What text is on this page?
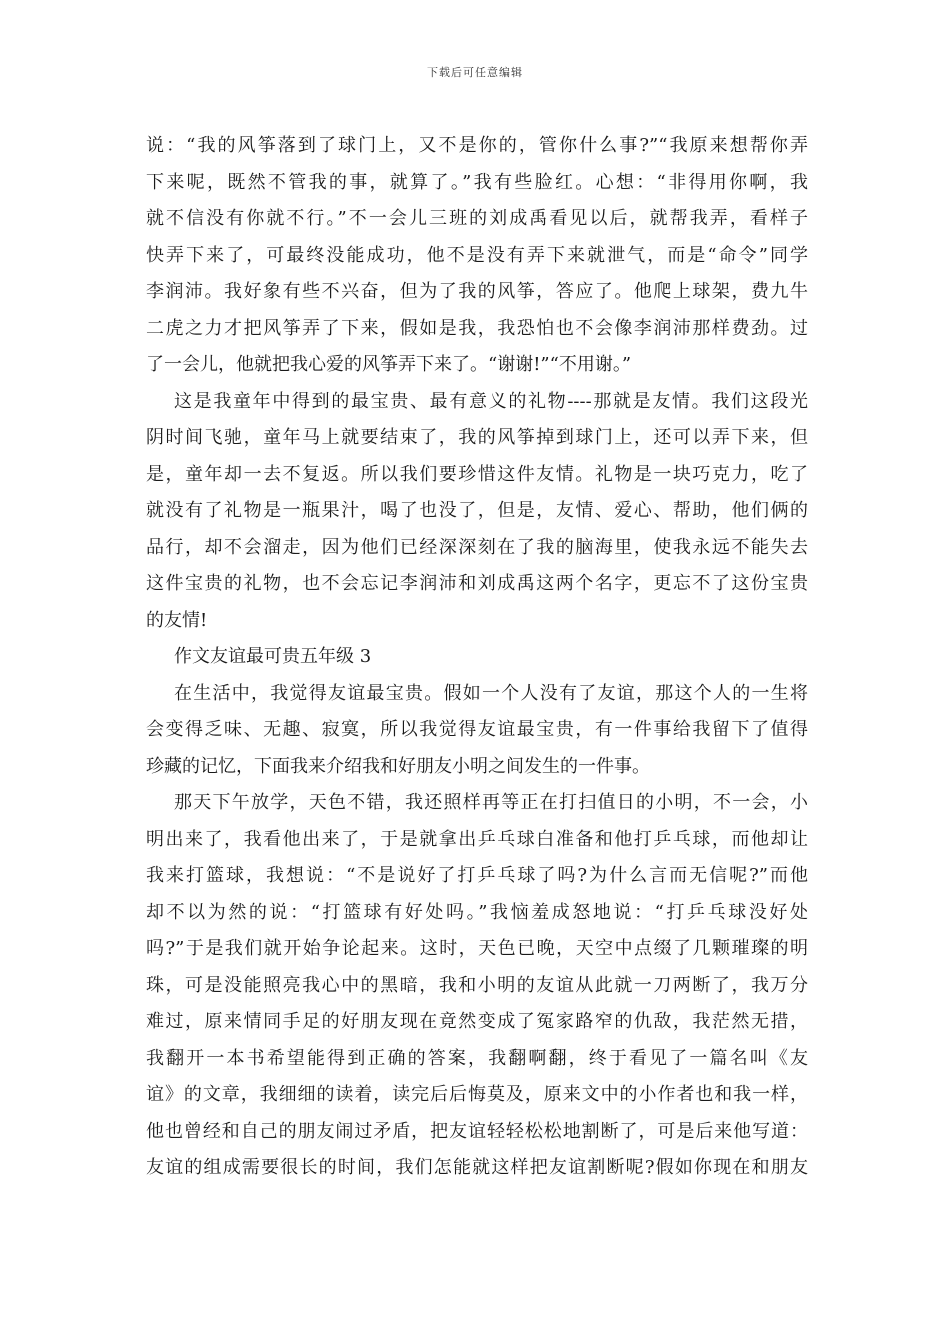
下载后可任意编辑
说：“我的风筝落到了球门上，又不是你的，管你什么事?”“我原来想帮你弄
下来呢，既然不管我的事，就算了。”我有些脸红。心想：“非得用你啊，我
就不信没有你就不行。”不一会儿三班的刘成禹看见以后，就帮我弄，看样子
快弄下来了，可最终没能成功，他不是没有弄下来就泄气，而是“命令”同学
李润沛。我好象有些不兴奋，但为了我的风筝，答应了。他爬上球架，费九牛
二虎之力才把风筝弄了下来，假如是我，我恐怕也不会像李润沛那样费劲。过
了一会儿，他就把我心爱的风筝弄下来了。“谢谢!”“不用谢。”
这是我童年中得到的最宝贵、最有意义的礼物----那就是友情。我们这段光
阴时间飞驰，童年马上就要结束了，我的风筝掉到球门上，还可以弄下来，但
是，童年却一去不复返。所以我们要珍惜这件友情。礼物是一块巧克力，吃了
就没有了礼物是一瓶果汁，喝了也没了，但是，友情、爱心、帮助，他们俩的
品行，却不会溜走，因为他们已经深深刻在了我的脑海里，使我永远不能失去
这件宝贵的礼物，也不会忘记李润沛和刘成禹这两个名字，更忘不了这份宝贵
的友情!
作文友谊最可贵五年级 3
在生活中，我觉得友谊最宝贵。假如一个人没有了友谊，那这个人的一生将
会变得乏味、无趣、寂寞，所以我觉得友谊最宝贵，有一件事给我留下了值得
珍藏的记忆，下面我来介绍我和好朋友小明之间发生的一件事。
那天下午放学，天色不错，我还照样再等正在打扫值日的小明，不一会，小
明出来了，我看他出来了，于是就拿出乒乓球白准备和他打乒乓球，而他却让
我来打篮球，我想说：“不是说好了打乒乓球了吗?为什么言而无信呢?”而他
却不以为然的说：“打篮球有好处吗。”我恼羞成怒地说：“打乒乓球没好处
吗?”于是我们就开始争论起来。这时，天色已晚，天空中点缀了几颗璀璨的明
珠，可是没能照亮我心中的黑暗，我和小明的友谊从此就一刀两断了，我万分
难过，原来情同手足的好朋友现在竟然变成了冤家路窄的仇敌，我茫然无措，
我翻开一本书希望能得到正确的答案，我翻啊翻，终于看见了一篇名叫《友
谊》的文章，我细细的读着，读完后后悔莫及，原来文中的小作者也和我一样，
他也曾经和自己的朋友闹过矛盾，把友谊轻轻松松地割断了，可是后来他写道：
友谊的组成需要很长的时间，我们怎能就这样把友谊割断呢?假如你现在和朋友
